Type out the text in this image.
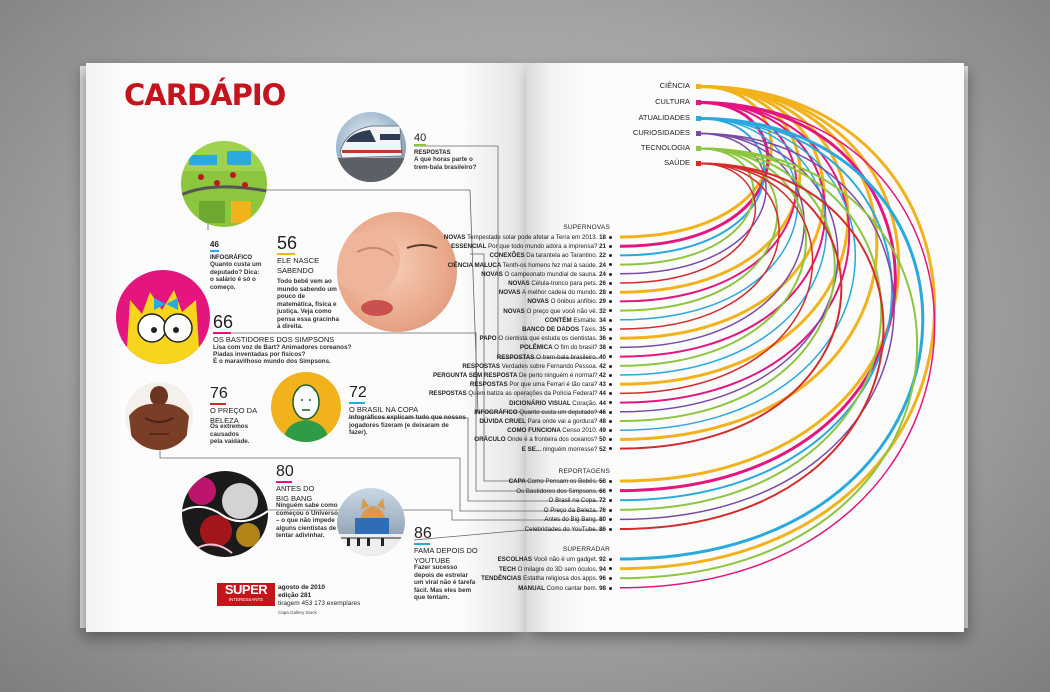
CARDÁPIO
40
RESPOSTAS
A que horas parte o trem-bala brasileiro?
46
INFOGRÁFICO
Quanto custa um deputado? Dica: o salário é só o começo.
56
ELE NASCE SABENDO
Todo bebê vem ao mundo sabendo um pouco de matemática, física e justiça. Veja como pensa essa gracinha à direita.
66
OS BASTIDORES DOS SIMPSONS
Lisa com voz de Bart? Animadores coreanos?
Piadas inventadas por físicos?
É o maravilhoso mundo dos Simpsons.
76
O PREÇO DA BELEZA
Os extremos causados pela vaidade.
72
O BRASIL NA COPA
Infográficos explicam tudo que nossos jogadores fizeram (e deixaram de fazer).
80
ANTES DO BIG BANG
Ninguém sabe como começou o Universo – o que não impede alguns cientistas de tentar adivinhar.	86
FAMA DEPOIS DO YOUTUBE
Fazer sucesso depois de estrelar um viral não é tarefa fácil. Mas eles bem que tentam.
SUPER
INTERESSANTE
agosto de 2010
edição 281
tiragem 453 173 exemplares
Capa Gallery Stock
CIÊNCIA
CULTURA
ATUALIDADES
CURIOSIDADES
TECNOLOGIA
SAÚDE
SUPERNOVAS
NOVAS Tempestade solar pode afetar a Terra em 2013. 18
ESSENCIAL Por que todo mundo adora a imprensa? 21
CONEXÕES Da tarantela ao Tarantino. 22
CIÊNCIA MALUCA Tenth-os homens fez mal à saúde. 24
NOVAS O campeonato mundial de sauna. 24
NOVAS Célula-tronco para pets. 26
NOVAS A melhor cadeia do mundo. 28
NOVAS O ônibus anfíbio. 29
NOVAS O preço que você não vê. 32
CONTÉM Esmalte. 34
BANCO DE DADOS Táxis. 35
PAPO O cientista que estuda os cientistas. 36
POLÊMICA O fim do brasil? 38
RESPOSTAS O trem-bala brasileiro. 40
RESPOSTAS Verdades sobre Fernando Pessoa. 42
PERGUNTA SEM RESPOSTA De perto ninguém é normal? 42
RESPOSTAS Por que uma Ferrari é tão cara? 43
RESPOSTAS Quem batiza as operações da Polícia Federal? 44
DICIONÁRIO VISUAL Coração. 44
INFOGRÁFICO Quanto custa um deputado? 46
DÚVIDA CRUEL Para onde vai a gordura? 48
COMO FUNCIONA Censo 2010. 49
ORÁCULO Onde é a fronteira dos oceanos? 50
E SE... ninguém morresse? 52
REPORTAGENS
CAPA Como Pensam os Bebês. 56
Os Bastidores dos Simpsons. 66
O Brasil na Copa. 72
O Preço da Beleza. 76
Antes do Big Bang. 80
Celebridades do YouTube. 86
SUPERRADAR
ESCOLHAS Você não é um gadget. 92
TECH O milagre do 3D sem óculos. 94
TENDÊNCIAS Estatha religiosa dos apps. 96
MANUAL Como cantar bem. 98
